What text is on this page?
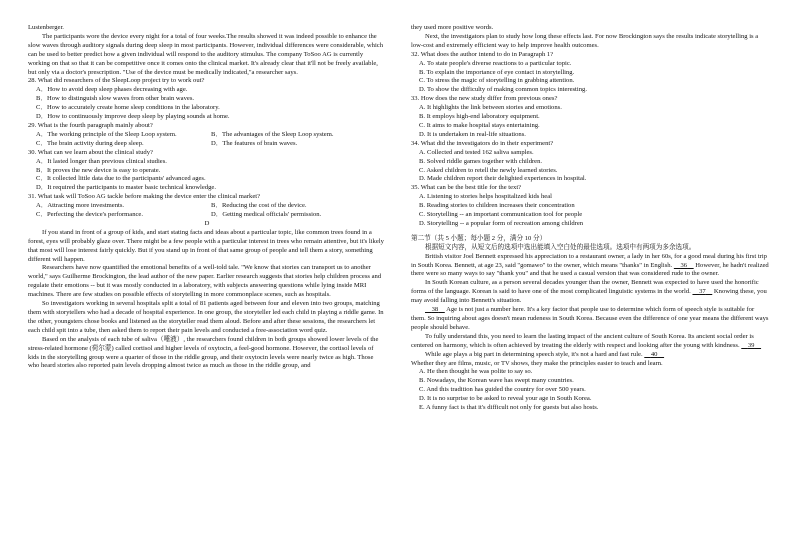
Lustenberger.

The participants wore the device every night for a total of four weeks.The results showed it was indeed possible to enhance the slow waves through auditory signals during deep sleep in most participants. However, individual differences were considerable, which can be used to better predict how a given individual will respond to the auditory stimulus. The company ToSoo AG is currently working on that so that it can be competitive once it comes onto the clinical market. It's already clear that it'll not be freely available, but only via a doctor's prescription. "Use of the device must be medically indicated,"a researcher says.

28. What did researchers of the SleepLoop project try to work out?

A．How to avoid deep sleep phases decreasing with age.

B．How to distinguish slow waves from other brain waves.

C．How to accurately create home sleep conditions in the laboratory.

D．How to continuously improve deep sleep by playing sounds at home.

29. What is the fourth paragraph mainly about?

A．The working principle of the Sleep Loop system.	B．The advantages of the Sleep Loop system.
C．The brain activity during deep sleep.	D．The features of brain waves.

30. What can we learn about the clinical study?

A．It lasted longer than previous clinical studies.

B．It proves the new device is easy to operate.

C．It collected little data due to the participants' advanced ages.

D．It required the participants to master basic technical knowledge.

31. What task will ToSoo AG tackle before making the device enter the clinical market?

A．Attracting more investments.	B．Reducing the cost of the device.
C．Perfecting the device's performance.	D．Getting medical officials' permission.

D

If you stand in front of a group of kids, and start stating facts and ideas about a particular topic, like common trees found in a forest, eyes will probably glaze over. There might be a few people with a particular interest in trees who remain attentive, but it's likely that most will lose interest fairly quickly. But if you stand up in front of that same group of people and tell them a story, something different will happen.

Researchers have now quantified the emotional benefits of a well-told tale. "We know that stories can transport us to another world," says Guilherme Brockington, the lead author of the new paper. Earlier research suggests that stories help children process and regulate their emotions -- but it was mostly conducted in a laboratory, with subjects answering questions while lying inside MRI machines. There are few studies on possible effects of storytelling in more commonplace scenes, such as hospitals.

So investigators working in several hospitals split a total of 81 patients aged between four and eleven into two groups, matching them with storytellers who had a decade of hospital experience. In one group, the storyteller led each child in playing a riddle game. In the other, youngsters chose books and listened as the storyteller read them aloud. Before and after these sessions, the researchers let each child spit into a tube, then asked them to report their pain levels and conducted a free-association word quiz.

Based on the analysis of each tube of saliva（唾液）, the researchers found children in both groups showed lower levels of the stress-related hormone (荷尔蒙) called cortisol and higher levels of oxytocin, a feel-good hormone. However, the cortisol levels of kids in the storytelling group were a quarter of those in the riddle group, and their oxytocin levels were nearly twice as high. Those who heard stories also reported pain levels dropping almost twice as much as those in the riddle group, and

they used more positive words.

Next, the investigators plan to study how long these effects last. For now Brockington says the results indicate storytelling is a low-cost and extremely efficient way to help improve health outcomes.

32. What does the author intend to do in Paragraph 1?

A. To state people's diverse reactions to a particular topic.

B. To explain the importance of eye contact in storytelling.

C. To stress the magic of storytelling in grabbing attention.

D. To show the difficulty of making common topics interesting.

33. How does the new study differ from previous ones?

A. It highlights the link between stories and emotions.

B. It employs high-end laboratory equipment.

C. It aims to make hospital stays entertaining.

D. It is undertaken in real-life situations.

34. What did the investigators do in their experiment?

A. Collected and tested 162 saliva samples.

B. Solved riddle games together with children.

C. Asked children to retell the newly learned stories.

D. Made children report their delighted experiences in hospital.

35. What can be the best title for the text?

A. Listening to stories helps hospitalized kids heal

B. Reading stories to children increases their concentration

C. Storytelling -- an important communication tool for people

D. Storytelling -- a popular form of recreation among children

第二节（共 5 小题；每小题 2 分，满分 10 分）

根据短文内容，从短文后的选项中选出能填入空白处的最佳选项。选项中有两项为多余选项。

British visitor Joel Bennett expressed his appreciation to a restaurant owner, a lady in her 60s, for a good meal during his first trip in South Korea. Bennett, at age 23, said "gomawo" to the owner, which means "thanks" in English. 36 However, he hadn't realized there were so many ways to say "thank you" and that he used a casual version that was considered rude to the owner.

In South Korean culture, as a person several decades younger than the owner, Bennett was expected to have used the honorific forms of the language. Korean is said to have one of the most complicated linguistic systems in the world. 37 Knowing these, you may avoid falling into Bennett's situation.

38 Age is not just a number here. It's a key factor that people use to determine which form of speech style is suitable for them. So inquiring about ages doesn't mean rudeness in South Korea. Because even the difference of one year means the different ways people should behave.

To fully understand this, you need to learn the lasting impact of the ancient culture of South Korea. Its ancient social order is centered on harmony, which is often achieved by treating the elderly with respect and looking after the young with kindness. 39

While age plays a big part in determining speech style, it's not a hard and fast rule. 40

Whether they are films, music, or TV shows, they make the principles easier to teach and learn.

A. He then thought he was polite to say so.

B. Nowadays, the Korean wave has swept many countries.

C. And this tradition has guided the country for over 500 years.

D. It is no surprise to be asked to reveal your age in South Korea.

E. A funny fact is that it's difficult not only for guests but also hosts.
